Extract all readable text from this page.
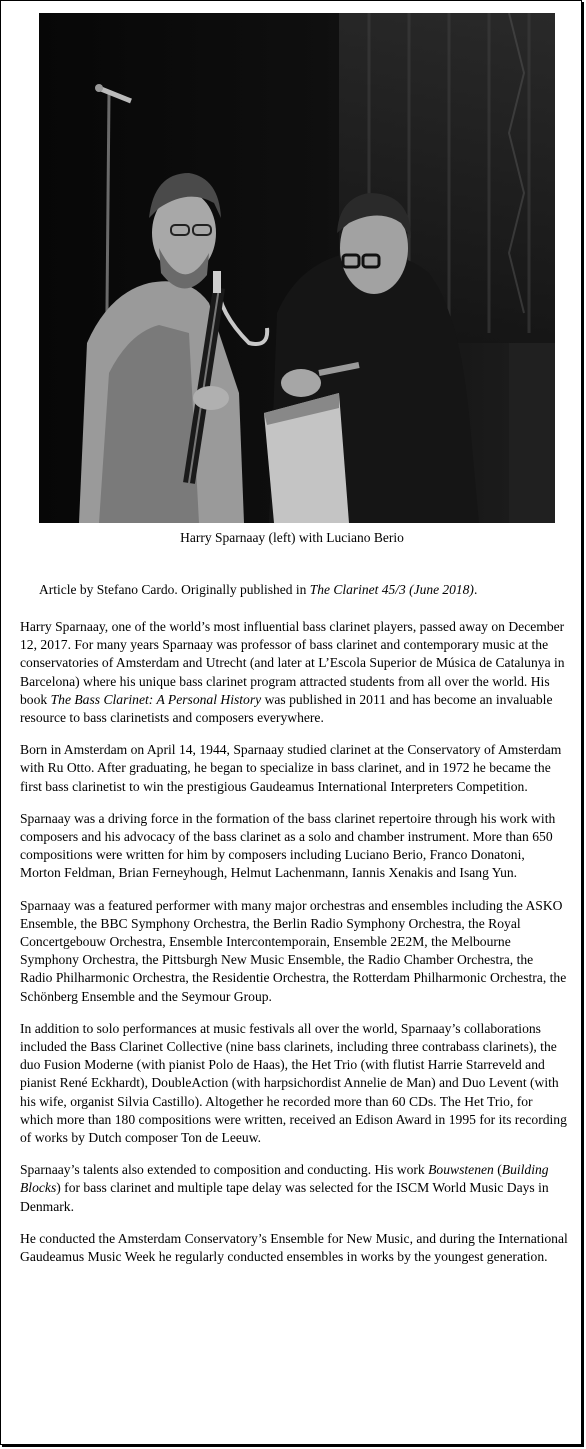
Harry Sparnaay (left) with Luciano Berio
Article by Stefano Cardo. Originally published in The Clarinet 45/3 (June 2018).

Harry Sparnaay, one of the world’s most influential bass clarinet players, passed away on December 12, 2017. For many years Sparnaay was professor of bass clarinet and contemporary music at the conservatories of Amsterdam and Utrecht (and later at L’Escola Superior de Música de Catalunya in Barcelona) where his unique bass clarinet program attracted students from all over the world. His book The Bass Clarinet: A Personal History was published in 2011 and has become an invaluable resource to bass clarinetists and composers everywhere.

Born in Amsterdam on April 14, 1944, Sparnaay studied clarinet at the Conservatory of Amsterdam with Ru Otto. After graduating, he began to specialize in bass clarinet, and in 1972 he became the first bass clarinetist to win the prestigious Gaudeamus International Interpreters Competition.

Sparnaay was a driving force in the formation of the bass clarinet repertoire through his work with composers and his advocacy of the bass clarinet as a solo and chamber instrument. More than 650 compositions were written for him by composers including Luciano Berio, Franco Donatoni, Morton Feldman, Brian Ferneyhough, Helmut Lachenmann, Iannis Xenakis and Isang Yun.

Sparnaay was a featured performer with many major orchestras and ensembles including the ASKO Ensemble, the BBC Symphony Orchestra, the Berlin Radio Symphony Orchestra, the Royal Concertgebouw Orchestra, Ensemble Intercontemporain, Ensemble 2E2M, the Melbourne Symphony Orchestra, the Pittsburgh New Music Ensemble, the Radio Chamber Orchestra, the Radio Philharmonic Orchestra, the Residentie Orchestra, the Rotterdam Philharmonic Orchestra, the Schönberg Ensemble and the Seymour Group.

In addition to solo performances at music festivals all over the world, Sparnaay’s collaborations included the Bass Clarinet Collective (nine bass clarinets, including three contrabass clarinets), the duo Fusion Moderne (with pianist Polo de Haas), the Het Trio (with flutist Harrie Starreveld and pianist René Eckhardt), DoubleAction (with harpsichordist Annelie de Man) and Duo Levent (with his wife, organist Silvia Castillo). Altogether he recorded more than 60 CDs. The Het Trio, for which more than 180 compositions were written, received an Edison Award in 1995 for its recording of works by Dutch composer Ton de Leeuw.

Sparnaay’s talents also extended to composition and conducting. His work Bouwstenen (Building Blocks) for bass clarinet and multiple tape delay was selected for the ISCM World Music Days in Denmark.

He conducted the Amsterdam Conservatory’s Ensemble for New Music, and during the International Gaudeamus Music Week he regularly conducted ensembles in works by the youngest generation.
